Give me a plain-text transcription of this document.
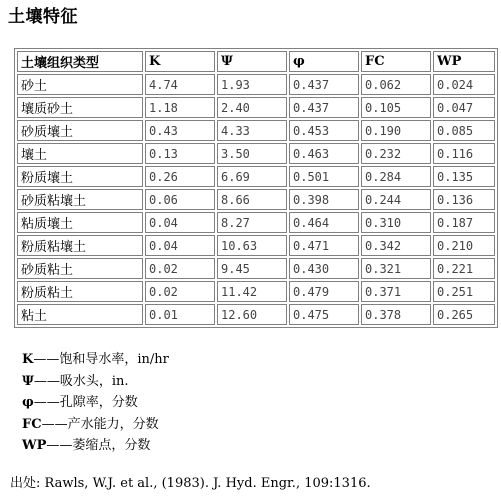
土壤特征
土壤组织类型	K	Ψ	φ	FC	WP
砂土	4.74	1.93	0.437	0.062	0.024
壤质砂土	1.18	2.40	0.437	0.105	0.047
砂质壤土	0.43	4.33	0.453	0.190	0.085
壤土	0.13	3.50	0.463	0.232	0.116
粉质壤土	0.26	6.69	0.501	0.284	0.135
砂质粘壤土	0.06	8.66	0.398	0.244	0.136
粘质壤土	0.04	8.27	0.464	0.310	0.187
粉质粘壤土	0.04	10.63	0.471	0.342	0.210
砂质粘土	0.02	9.45	0.430	0.321	0.221
粉质粘土	0.02	11.42	0.479	0.371	0.251
粘土	0.01	12.60	0.475	0.378	0.265
K——饱和导水率，in/hr
Ψ——吸水头，in.
φ——孔隙率，分数
FC——产水能力，分数
WP——萎缩点，分数
出处: Rawls, W.J. et al., (1983). J. Hyd. Engr., 109:1316.
